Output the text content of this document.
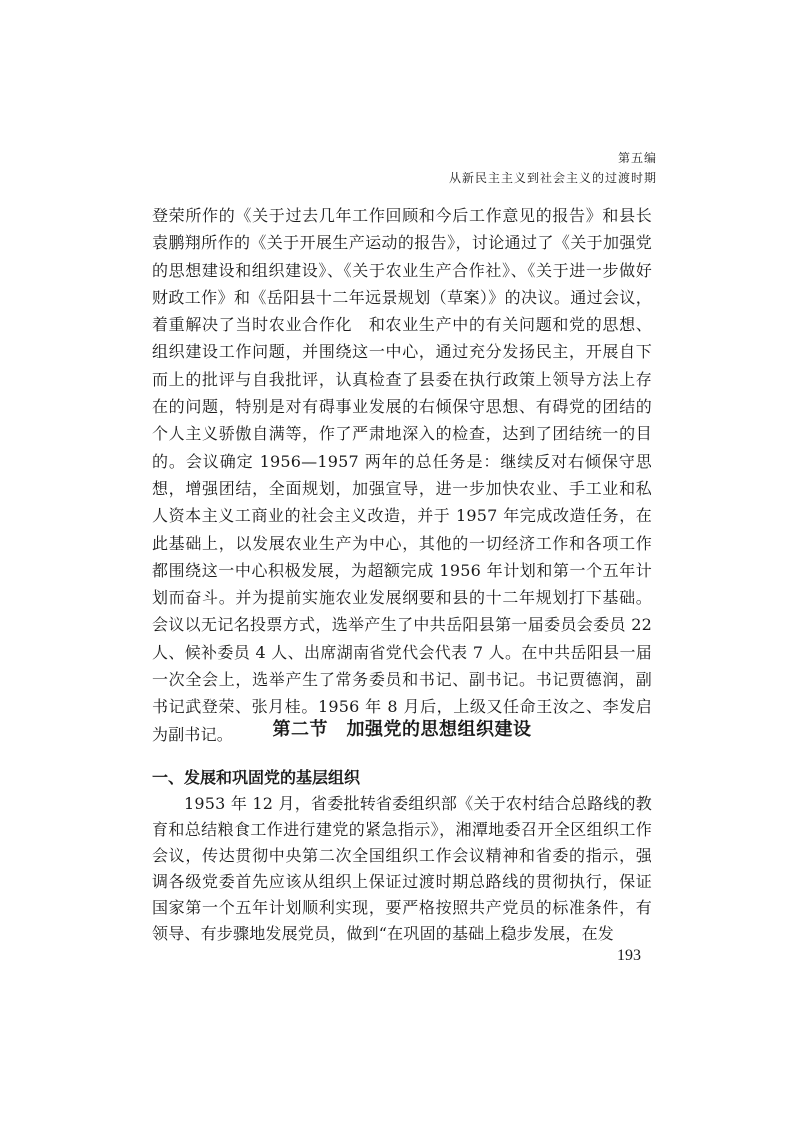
第五编
从新民主主义到社会主义的过渡时期

登荣所作的《关于过去几年工作回顾和今后工作意见的报告》和县长袁鹏翔所作的《关于开展生产运动的报告》，讨论通过了《关于加强党的思想建设和组织建设》、《关于农业生产合作社》、《关于进一步做好财政工作》和《岳阳县十二年远景规划（草案）》的决议。通过会议，着重解决了当时农业合作化　和农业生产中的有关问题和党的思想、组织建设工作问题，并围绕这一中心，通过充分发扬民主，开展自下而上的批评与自我批评，认真检查了县委在执行政策上领导方法上存在的问题，特别是对有碍事业发展的右倾保守思想、有碍党的团结的个人主义骄傲自满等，作了严肃地深入的检查，达到了团结统一的目的。会议确定 1956—1957 两年的总任务是：继续反对右倾保守思想，增强团结，全面规划，加强宣导，进一步加快农业、手工业和私人资本主义工商业的社会主义改造，并于 1957 年完成改造任务，在此基础上，以发展农业生产为中心，其他的一切经济工作和各项工作都围绕这一中心积极发展，为超额完成 1956 年计划和第一个五年计划而奋斗。并为提前实施农业发展纲要和县的十二年规划打下基础。会议以无记名投票方式，选举产生了中共岳阳县第一届委员会委员 22 人、候补委员 4 人、出席湖南省党代会代表 7 人。在中共岳阳县一届一次全会上，选举产生了常务委员和书记、副书记。书记贾德润，副书记武登荣、张月桂。1956 年 8 月后，上级又任命王汝之、李发启为副书记。	第二节　加强党的思想组织建设
一、发展和巩固党的基层组织

1953 年 12 月，省委批转省委组织部《关于农村结合总路线的教育和总结粮食工作进行建党的紧急指示》，湘潭地委召开全区组织工作会议，传达贯彻中央第二次全国组织工作会议精神和省委的指示，强调各级党委首先应该从组织上保证过渡时期总路线的贯彻执行，保证国家第一个五年计划顺利实现，要严格按照共产党员的标准条件，有领导、有步骤地发展党员，做到“在巩固的基础上稳步发展，在发

193
